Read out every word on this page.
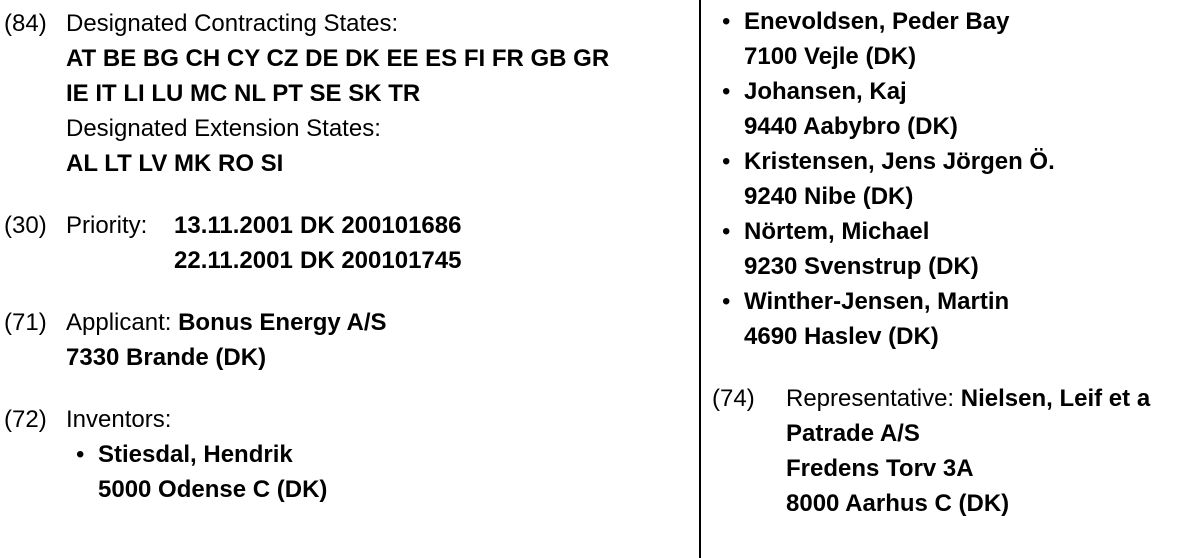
(84) Designated Contracting States:
AT BE BG CH CY CZ DE DK EE ES FI FR GB GR
IE IT LI LU MC NL PT SE SK TR
Designated Extension States:
AL LT LV MK RO SI
(30) Priority:	13.11.2001 DK 200101686
22.11.2001 DK 200101745
(71) Applicant: Bonus Energy A/S
7330 Brande (DK)
(72) Inventors:
• Stiesdal, Hendrik
5000 Odense C (DK)
• Enevoldsen, Peder Bay
7100 Vejle (DK)
• Johansen, Kaj
9440 Aabybro (DK)
• Kristensen, Jens Jörgen Ö.
9240 Nibe (DK)
• Nörtem, Michael
9230 Svenstrup (DK)
• Winther-Jensen, Martin
4690 Haslev (DK)
(74)	Representative: Nielsen, Leif et a
Patrade A/S
Fredens Torv 3A
8000 Aarhus C (DK)
